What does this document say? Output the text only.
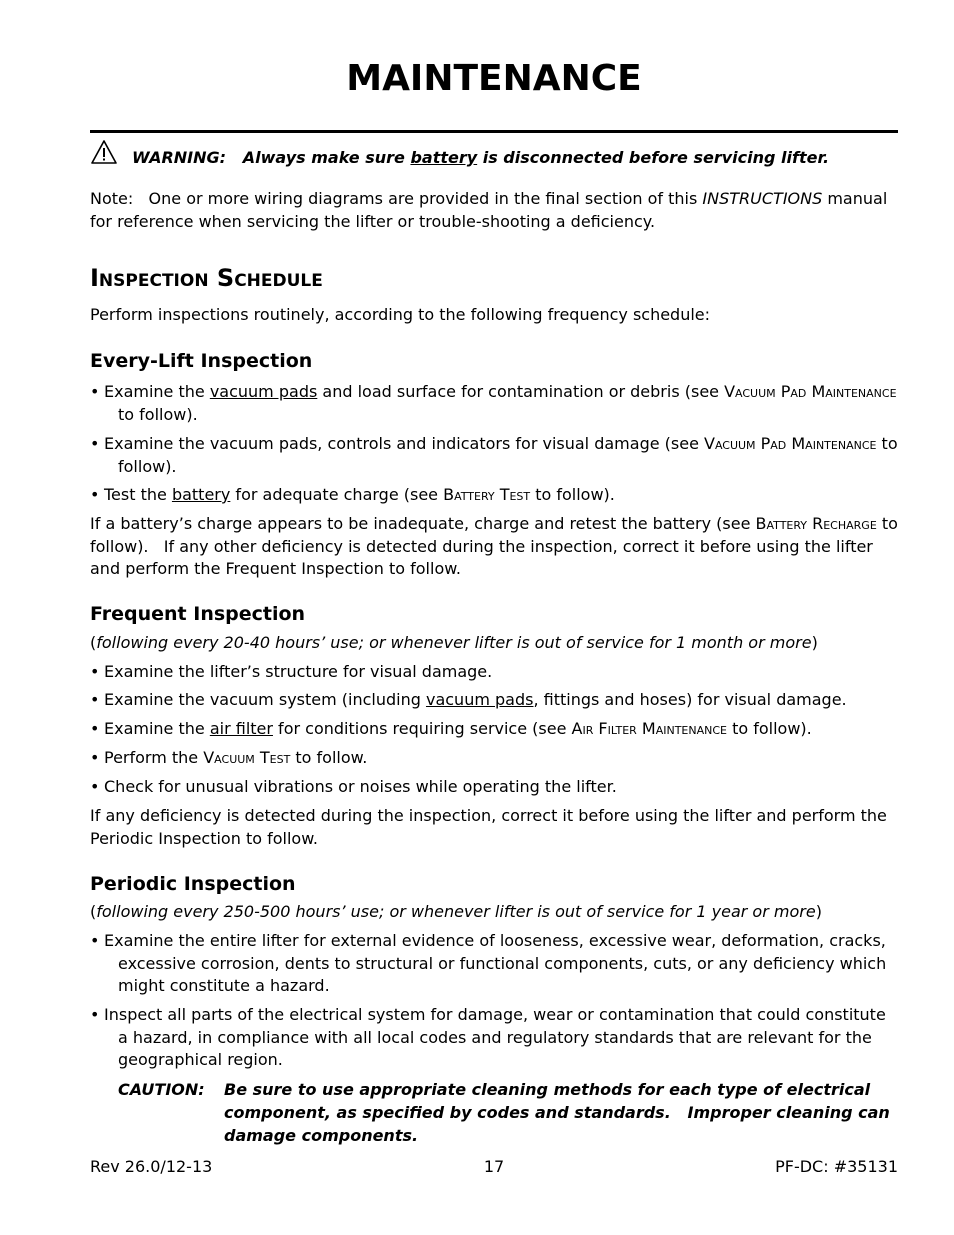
MAINTENANCE
WARNING: Always make sure battery is disconnected before servicing lifter.
Note:   One or more wiring diagrams are provided in the final section of this INSTRUCTIONS manual for reference when servicing the lifter or trouble-shooting a deficiency.
Inspection Schedule
Perform inspections routinely, according to the following frequency schedule:
Every-Lift Inspection
• Examine the vacuum pads and load surface for contamination or debris (see Vacuum Pad Maintenance to follow).
• Examine the vacuum pads, controls and indicators for visual damage (see Vacuum Pad Maintenance to follow).
• Test the battery for adequate charge (see Battery Test to follow).
If a battery’s charge appears to be inadequate, charge and retest the battery (see Battery Recharge to follow).   If any other deficiency is detected during the inspection, correct it before using the lifter and perform the Frequent Inspection to follow.
Frequent Inspection
(following every 20-40 hours’ use; or whenever lifter is out of service for 1 month or more)
• Examine the lifter’s structure for visual damage.
• Examine the vacuum system (including vacuum pads, fittings and hoses) for visual damage.
• Examine the air filter for conditions requiring service (see Air Filter Maintenance to follow).
• Perform the Vacuum Test to follow.
• Check for unusual vibrations or noises while operating the lifter.
If any deficiency is detected during the inspection, correct it before using the lifter and perform the Periodic Inspection to follow.
Periodic Inspection
(following every 250-500 hours’ use; or whenever lifter is out of service for 1 year or more)
• Examine the entire lifter for external evidence of looseness, excessive wear, deformation, cracks, excessive corrosion, dents to structural or functional components, cuts, or any deficiency which might constitute a hazard.
• Inspect all parts of the electrical system for damage, wear or contamination that could constitute a hazard, in compliance with all local codes and regulatory standards that are relevant for the geographical region.
CAUTION: Be sure to use appropriate cleaning methods for each type of electrical component, as specified by codes and standards.   Improper cleaning can damage components.
Rev 26.0/12-13	17	PF-DC: #35131
